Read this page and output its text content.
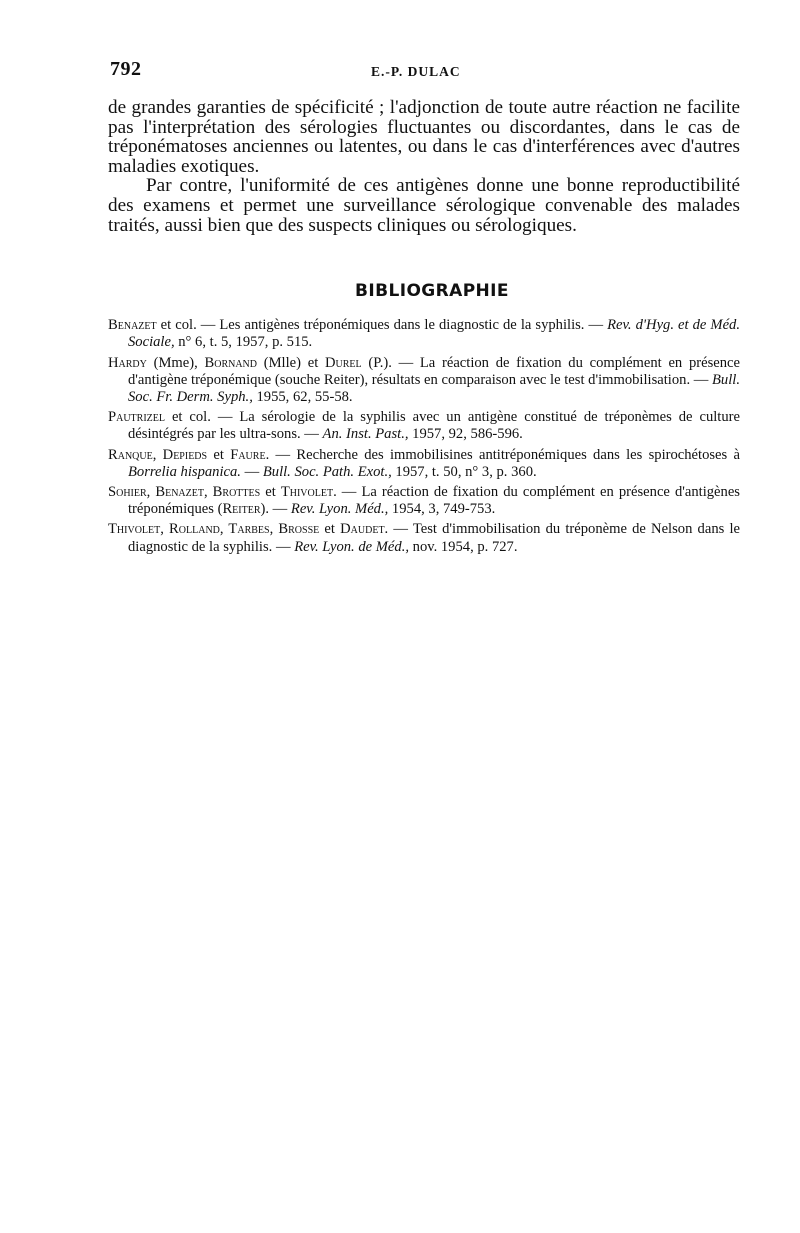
792	E.-P. DULAC

de grandes garanties de spécificité ; l'adjonction de toute autre réaction ne facilite pas l'interprétation des sérologies fluctuantes ou discordantes, dans le cas de tréponématoses anciennes ou latentes, ou dans le cas d'interférences avec d'autres maladies exotiques.

Par contre, l'uniformité de ces antigènes donne une bonne reproductibilité des examens et permet une surveillance sérologique convenable des malades traités, aussi bien que des suspects cliniques ou sérologiques.

BIBLIOGRAPHIE

Benazet et col. — Les antigènes tréponémiques dans le diagnostic de la syphilis. — Rev. d'Hyg. et de Méd. Sociale, n° 6, t. 5, 1957, p. 515.

Hardy (Mme), Bornand (Mlle) et Durel (P.). — La réaction de fixation du complément en présence d'antigène tréponémique (souche Reiter), résultats en comparaison avec le test d'immobilisation. — Bull. Soc. Fr. Derm. Syph., 1955, 62, 55-58.

Pautrizel et col. — La sérologie de la syphilis avec un antigène constitué de tréponèmes de culture désintégrés par les ultra-sons. — An. Inst. Past., 1957, 92, 586-596.

Ranque, Depieds et Faure. — Recherche des immobilisines antitréponémiques dans les spirochétoses à Borrelia hispanica. — Bull. Soc. Path. Exot., 1957, t. 50, n° 3, p. 360.

Sohier, Benazet, Brottes et Thivolet. — La réaction de fixation du complément en présence d'antigènes tréponémiques (Reiter). — Rev. Lyon. Méd., 1954, 3, 749-753.

Thivolet, Rolland, Tarbes, Brosse et Daudet. — Test d'immobilisation du tréponème de Nelson dans le diagnostic de la syphilis. — Rev. Lyon. de Méd., nov. 1954, p. 727.
